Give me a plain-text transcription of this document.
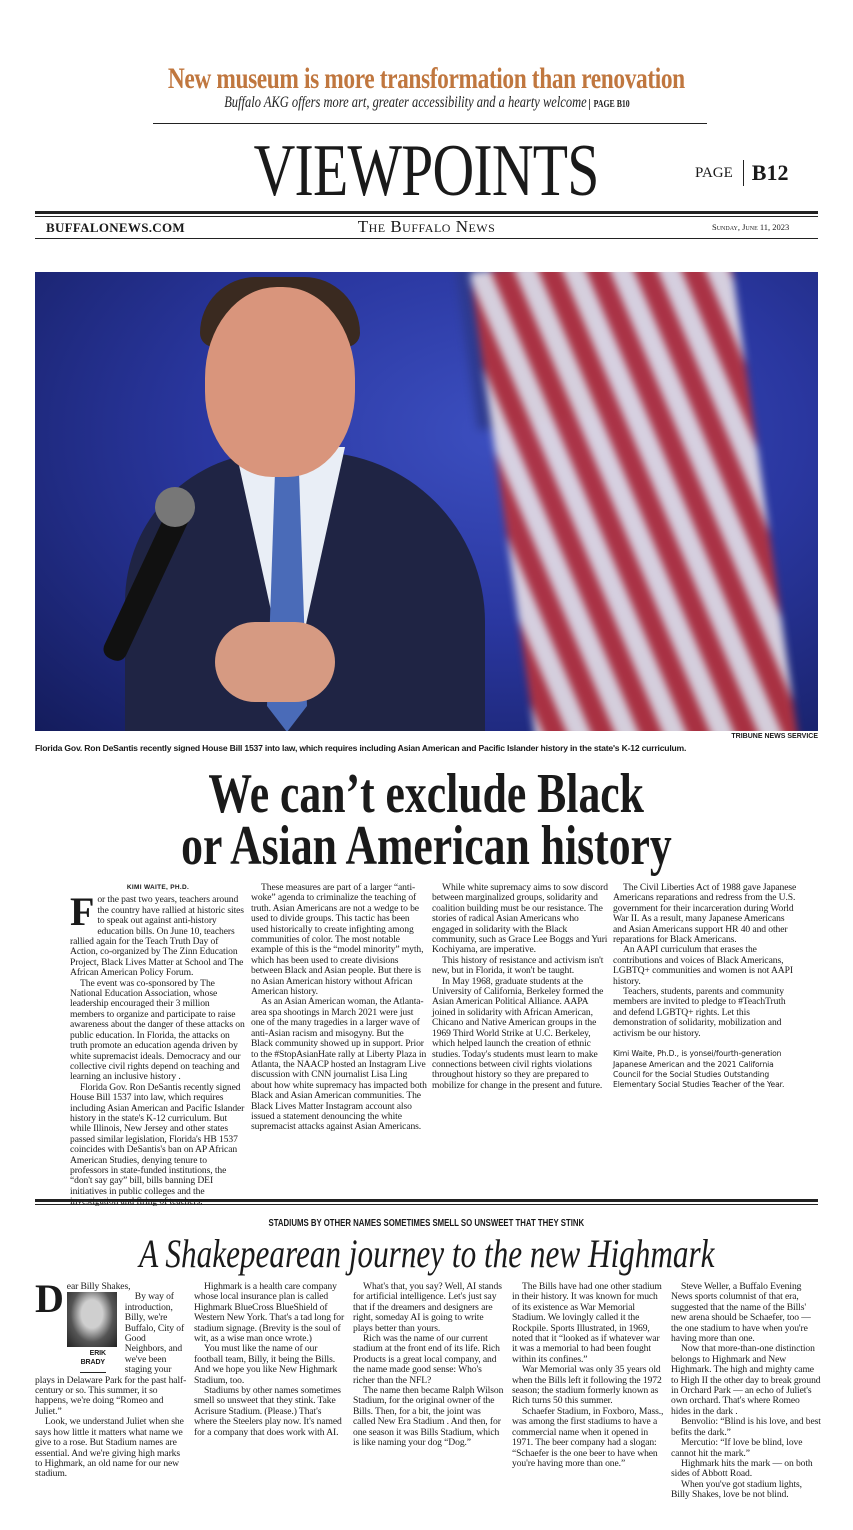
New museum is more transformation than renovation
Buffalo AKG offers more art, greater accessibility and a hearty welcome PAGE B10
VIEWPOINTS	PAGE B12
BUFFALONEWS.COM	The Buffalo News	Sunday, June 11, 2023
TRIBUNE NEWS SERVICE
Florida Gov. Ron DeSantis recently signed House Bill 1537 into law, which requires including Asian American and Pacific Islander history in the state's K-12 curriculum.
We can’t exclude Black
or Asian American history
KIMI WAITE, PH.D.

For the past two years, teachers around the country have rallied at historic sites to speak out against anti-history education bills. On June 10, teachers rallied again for the Teach Truth Day of Action, co-organized by The Zinn Education Project, Black Lives Matter at School and The African American Policy Forum.

The event was co-sponsored by The National Education Association, whose leadership encouraged their 3 million members to organize and participate to raise awareness about the danger of these attacks on public education. In Florida, the attacks on truth promote an education agenda driven by white supremacist ideals. Democracy and our collective civil rights depend on teaching and learning an inclusive history .

Florida Gov. Ron DeSantis recently signed House Bill 1537 into law, which requires including Asian American and Pacific Islander history in the state's K-12 curriculum. But while Illinois, New Jersey and other states passed similar legislation, Florida's HB 1537 coincides with DeSantis's ban on AP African American Studies, denying tenure to professors in state-funded institutions, the “don't say gay” bill, bills banning DEI initiatives in public colleges and the investigation and firing of teachers.

These measures are part of a larger “anti-woke” agenda to criminalize the teaching of truth. Asian Americans are not a wedge to be used to divide groups. This tactic has been used historically to create infighting among communities of color. The most notable example of this is the “model minority” myth, which has been used to create divisions between Black and Asian people. But there is no Asian American history without African American history.

As an Asian American woman, the Atlanta-area spa shootings in March 2021 were just one of the many tragedies in a larger wave of anti-Asian racism and misogyny. But the Black community showed up in support. Prior to the #StopAsianHate rally at Liberty Plaza in Atlanta, the NAACP hosted an Instagram Live discussion with CNN journalist Lisa Ling about how white supremacy has impacted both Black and Asian American communities. The Black Lives Matter Instagram account also issued a statement denouncing the white supremacist attacks against Asian Americans.

While white supremacy aims to sow discord between marginalized groups, solidarity and coalition building must be our resistance. The stories of radical Asian Americans who engaged in solidarity with the Black community, such as Grace Lee Boggs and Yuri Kochiyama, are imperative.

This history of resistance and activism isn't new, but in Florida, it won't be taught.

In May 1968, graduate students at the University of California, Berkeley formed the Asian American Political Alliance. AAPA joined in solidarity with African American, Chicano and Native American groups in the 1969 Third World Strike at U.C. Berkeley, which helped launch the creation of ethnic studies. Today's students must learn to make connections between civil rights violations throughout history so they are prepared to mobilize for change in the present and future.

The Civil Liberties Act of 1988 gave Japanese Americans reparations and redress from the U.S. government for their incarceration during World War II. As a result, many Japanese Americans and Asian Americans support HR 40 and other reparations for Black Americans.

An AAPI curriculum that erases the contributions and voices of Black Americans, LGBTQ+ communities and women is not AAPI history.

Teachers, students, parents and community members are invited to pledge to #TeachTruth and defend LGBTQ+ rights. Let this demonstration of solidarity, mobilization and activism be our history.

Kimi Waite, Ph.D., is yonsei/fourth-generation Japanese American and the 2021 California Council for the Social Studies Outstanding Elementary Social Studies Teacher of the Year.

STADIUMS BY OTHER NAMES SOMETIMES SMELL SO UNSWEET THAT THEY STINK
A Shakepearean journey to the new Highmark

Dear Billy Shakes,

ERIK BRADY
By way of introduction, Billy, we're Buffalo, City of Good Neighbors, and we've been staging your plays in Delaware Park for the past half-century or so. This summer, it so happens, we're doing “Romeo and Juliet.”

Look, we understand Juliet when she says how little it matters what name we give to a rose. But Stadium names are essential. And we're giving high marks to Highmark, an old name for our new stadium.

Highmark is a health care company whose local insurance plan is called Highmark BlueCross BlueShield of Western New York. That's a tad long for stadium signage. (Brevity is the soul of wit, as a wise man once wrote.)

You must like the name of our football team, Billy, it being the Bills. And we hope you like New Highmark Stadium, too.

Stadiums by other names sometimes smell so unsweet that they stink. Take Acrisure Stadium. (Please.) That's where the Steelers play now. It's named for a company that does work with AI.

What's that, you say? Well, AI stands for artificial intelligence. Let's just say that if the dreamers and designers are right, someday AI is going to write plays better than yours.

Rich was the name of our current stadium at the front end of its life. Rich Products is a great local company, and the name made good sense: Who's richer than the NFL?

The name then became Ralph Wilson Stadium, for the original owner of the Bills. Then, for a bit, the joint was called New Era Stadium . And then, for one season it was Bills Stadium, which is like naming your dog “Dog.”

The Bills have had one other stadium in their history. It was known for much of its existence as War Memorial Stadium. We lovingly called it the Rockpile. Sports Illustrated, in 1969, noted that it “looked as if whatever war it was a memorial to had been fought within its confines.”

War Memorial was only 35 years old when the Bills left it following the 1972 season; the stadium formerly known as Rich turns 50 this summer.

Schaefer Stadium, in Foxboro, Mass., was among the first stadiums to have a commercial name when it opened in 1971. The beer company had a slogan: “Schaefer is the one beer to have when you're having more than one.”

Steve Weller, a Buffalo Evening News sports columnist of that era, suggested that the name of the Bills' new arena should be Schaefer, too — the one stadium to have when you're having more than one.

Now that more-than-one distinction belongs to Highmark and New Highmark. The high and mighty came to High II the other day to break ground in Orchard Park — an echo of Juliet's own orchard. That's where Romeo hides in the dark .

Benvolio: “Blind is his love, and best befits the dark.”

Mercutio: “If love be blind, love cannot hit the mark.”

Highmark hits the mark — on both sides of Abbott Road.

When you've got stadium lights, Billy Shakes, love be not blind.
